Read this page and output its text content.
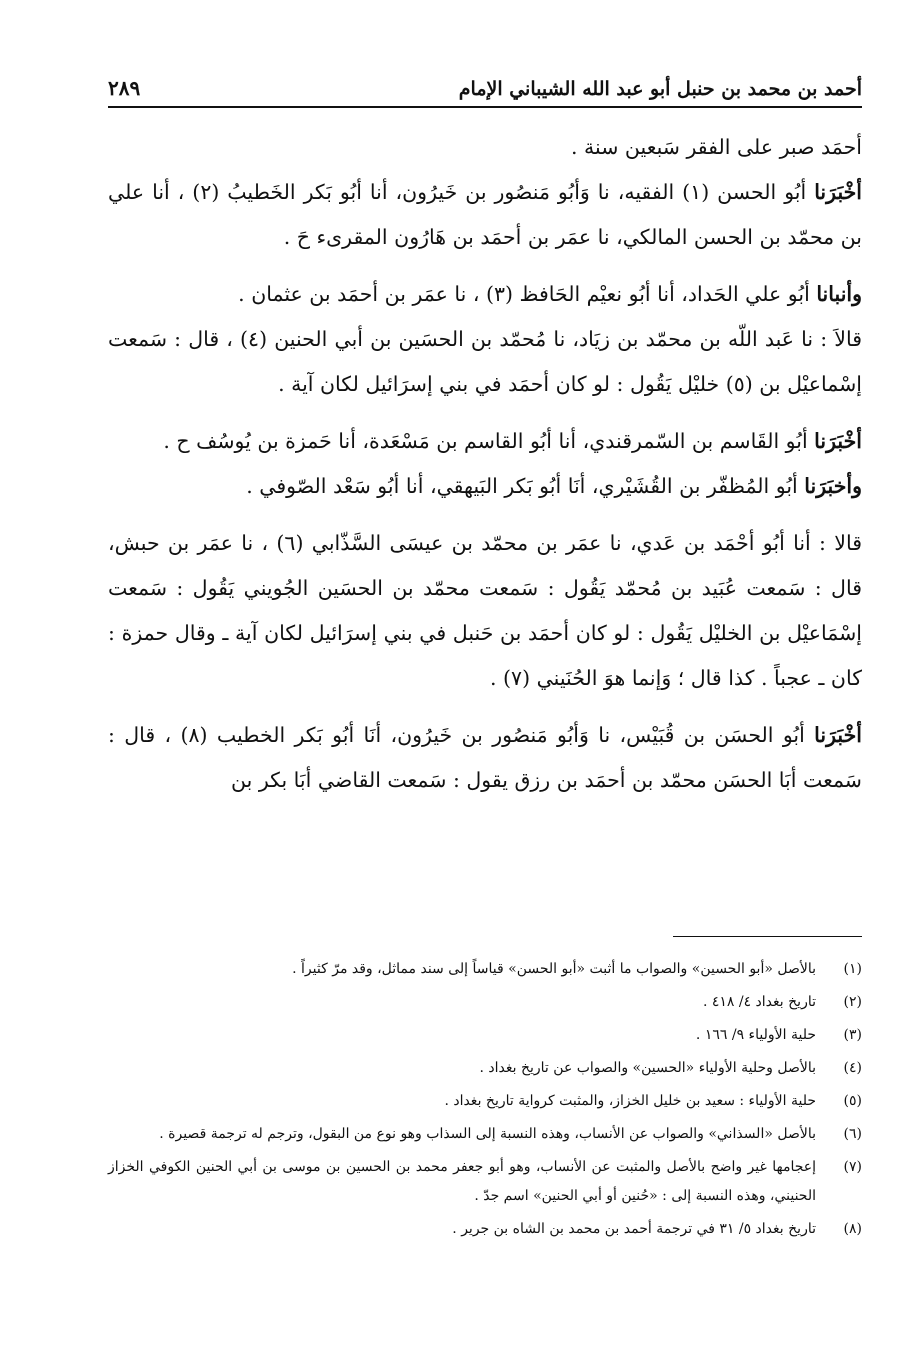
أحمد بن محمد بن حنبل أبو عبد الله الشيباني الإمام
٢٨٩

أحمَد صبر على الفقر سَبعين سنة .

أخْبَرَنا أبُو الحسن (١) الفقيه، نا وَأبُو مَنصُور بن خَيرُون، أنا أبُو بَكر الخَطيبُ (٢) ، أنا علي بن محمّد بن الحسن المالكي، نا عمَر بن أحمَد بن هَارُون المقرىء حَ .

وأنبانا أبُو علي الحَداد، أنا أبُو نعيْم الحَافظ (٣) ، نا عمَر بن أحمَد بن عثمان .

قالاَ : نا عَبد اللّه بن محمّد بن زيَاد، نا مُحمّد بن الحسَين بن أبي الحنين (٤) ، قال : سَمعت إسْماعيْل بن (٥) خليْل يَقُول : لو كان أحمَد في بني إسرَائيل لكان آية .

أخْبَرَنا أبُو القَاسم بن السّمرقندي، أنا أبُو القاسم بن مَسْعَدة، أنا حَمزة بن يُوسُف ح .

وأخبَرَنا أبُو المُظفّر بن القُشَيْري، أنَا أبُو بَكر البَيهقي، أنا أبُو سَعْد الصّوفي .

قالا : أنا أبُو أحْمَد بن عَدي، نا عمَر بن محمّد بن عيسَى السَّذّابي (٦) ، نا عمَر بن حبش، قال : سَمعت عُبَيد بن مُحمّد يَقُول : سَمعت محمّد بن الحسَين الجُويني يَقُول : سَمعت إسْمَاعيْل بن الخليْل يَقُول : لو كان أحمَد بن حَنبل في بني إسرَائيل لكان آية ـ وقال حمزة : كان ـ عجباً . كذا قال ؛ وَإنما هوَ الحُنَيني (٧) .

أخْبَرَنا أبُو الحسَن بن قُبَيْس، نا وَأبُو مَنصُور بن خَيرُون، أنَا أبُو بَكر الخطيب (٨) ، قال : سَمعت أبَا الحسَن محمّد بن أحمَد بن رزق يقول : سَمعت القاضي أبَا بكر بن

(١)
بالأصل «أبو الحسين» والصواب ما أثبت «أبو الحسن» قياساً إلى سند مماثل، وقد مرّ كثيراً .
(٢)
تاريخ بغداد ٤/ ٤١٨ .
(٣)
حلية الأولياء ٩/ ١٦٦ .
(٤)
بالأصل وحلية الأولياء «الحسين» والصواب عن تاريخ بغداد .
(٥)
حلية الأولياء : سعيد بن خليل الخزاز، والمثبت كرواية تاريخ بغداد .
(٦)
بالأصل «السذاني» والصواب عن الأنساب، وهذه النسبة إلى السذاب وهو نوع من البقول، وترجم له ترجمة قصيرة .
(٧)
إعجامها غير واضح بالأصل والمثبت عن الأنساب، وهو أبو جعفر محمد بن الحسين بن موسى بن أبي الحنين الكوفي الخزاز الحنيني، وهذه النسبة إلى : «حُنين أو أبي الحنين» اسم جدّ .
(٨)
تاريخ بغداد ٥/ ٣١ في ترجمة أحمد بن محمد بن الشاه بن جرير .
